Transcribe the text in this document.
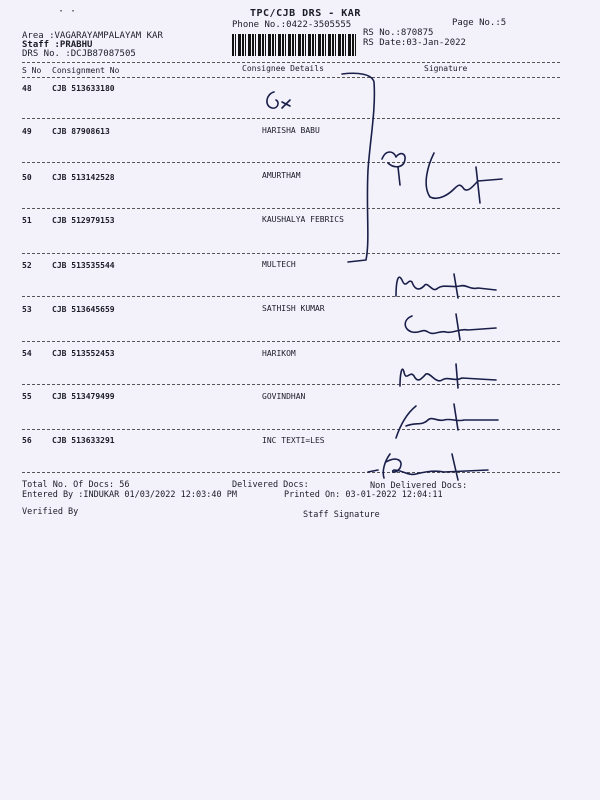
· ·	TPC/CJB DRS - KAR
Phone No.:0422-3505555	Page No.:5
Area :VAGARAYAMPALAYAM KAR
Staff :PRABHU
DRS No. :DCJB87087505
RS No.:870875
RS Date:03-Jan-2022
S No Consignment No	Consignee Details	Signature
48	CJB 513633180
49	CJB 87908613	HARISHA BABU
50	CJB 513142528	AMURTHAM
51	CJB 512979153	KAUSHALYA FEBRICS
52	CJB 513535544	MULTECH
53	CJB 513645659	SATHISH KUMAR
54	CJB 513552453	HARIKOM
55	CJB 513479499	GOVINDHAN
56	CJB 513633291	INC TEXTI=LES
Total No. Of Docs: 56	Delivered Docs:	Non Delivered Docs:
Entered By :INDUKAR 01/03/2022 12:03:40 PM	Printed On: 03-01-2022 12:04:11
Verified By	Staff Signature
